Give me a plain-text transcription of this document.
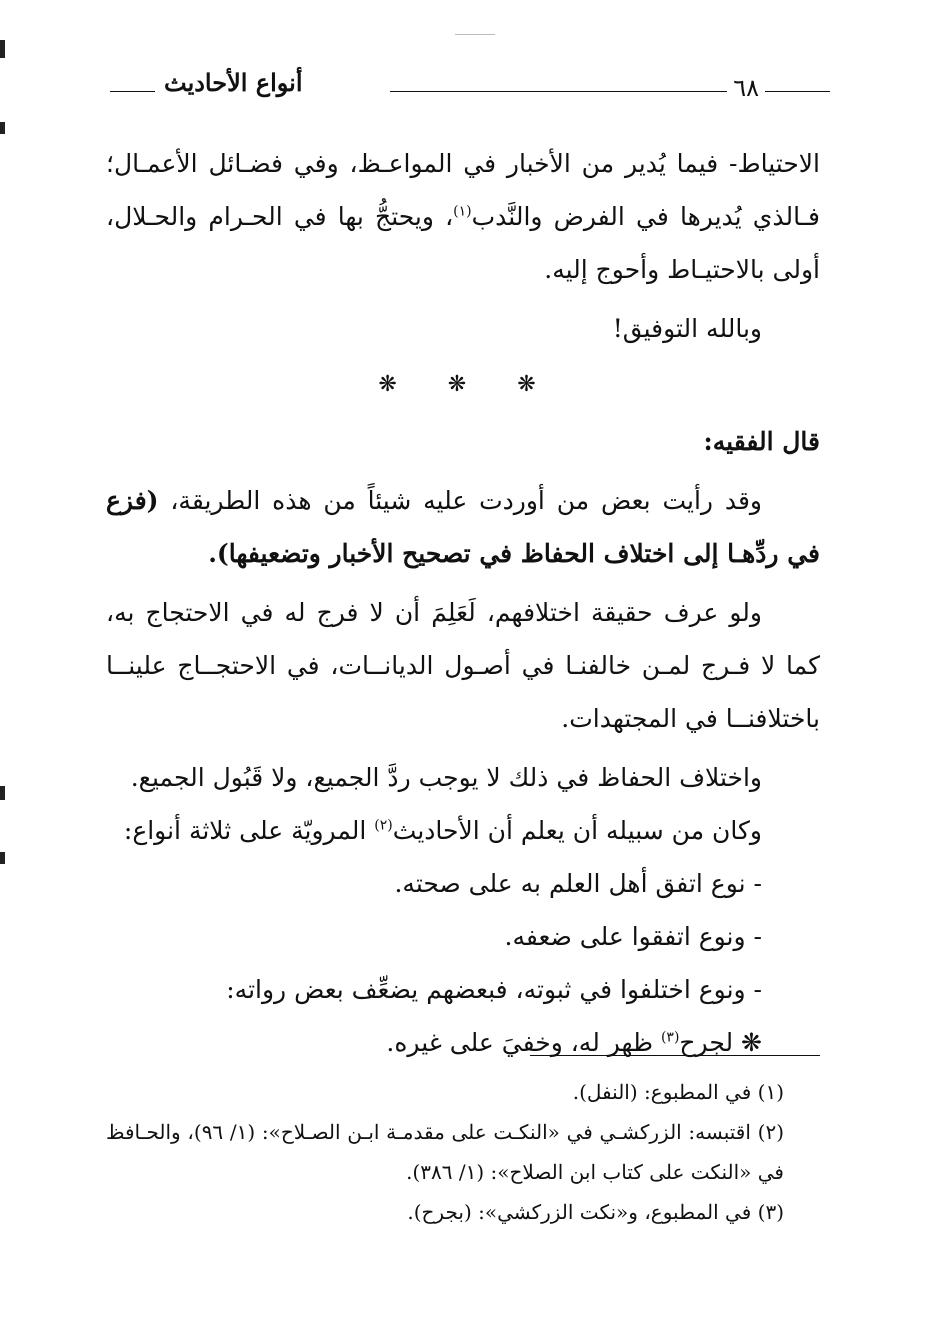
أنواع الأحاديث	٦٨

الاحتياط- فيما يُدير من الأخبار في المواعـظ، وفي فضـائل الأعمـال؛ فـالذي يُديرها في الفرض والنَّدب$^{(١)}$، ويحتجُّ بها في الحـرام والحـلال، أولى بالاحتيـاط وأحوج إليه.

وبالله التوفيق!

❋ ❋ ❋

قال الفقيه:

وقد رأيت بعض من أوردت عليه شيئاً من هذه الطريقة، (فزع في ردِّهـا إلى اختلاف الحفاظ في تصحيح الأخبار وتضعيفها).

ولو عرف حقيقة اختلافهم، لَعَلِمَ أن لا فرج له في الاحتجاج به، كما لا فـرج لمـن خالفنـا في أصـول الديانــات، في الاحتجــاج علينــا باختلافنــا في المجتهدات.

واختلاف الحفاظ في ذلك لا يوجب ردَّ الجميع، ولا قَبُول الجميع.

وكان من سبيله أن يعلم أن الأحاديث$^{(٢)}$ المرويّة على ثلاثة أنواع:

- نوع اتفق أهل العلم به على صحته.

- ونوع اتفقوا على ضعفه.

- ونوع اختلفوا في ثبوته، فبعضهم يضعِّف بعض رواته:

❋ لجرح$^{(٣)}$ ظهر له، وخفيَ على غيره.

(١) في المطبوع: (النفل).

(٢) اقتبسه: الزركشـي في «النكـت على مقدمـة ابـن الصـلاح»: (١/ ٩٦)، والحـافظ في «النكت على كتاب ابن الصلاح»: (١/ ٣٨٦).

(٣) في المطبوع، و«نكت الزركشي»: (بجرح).
